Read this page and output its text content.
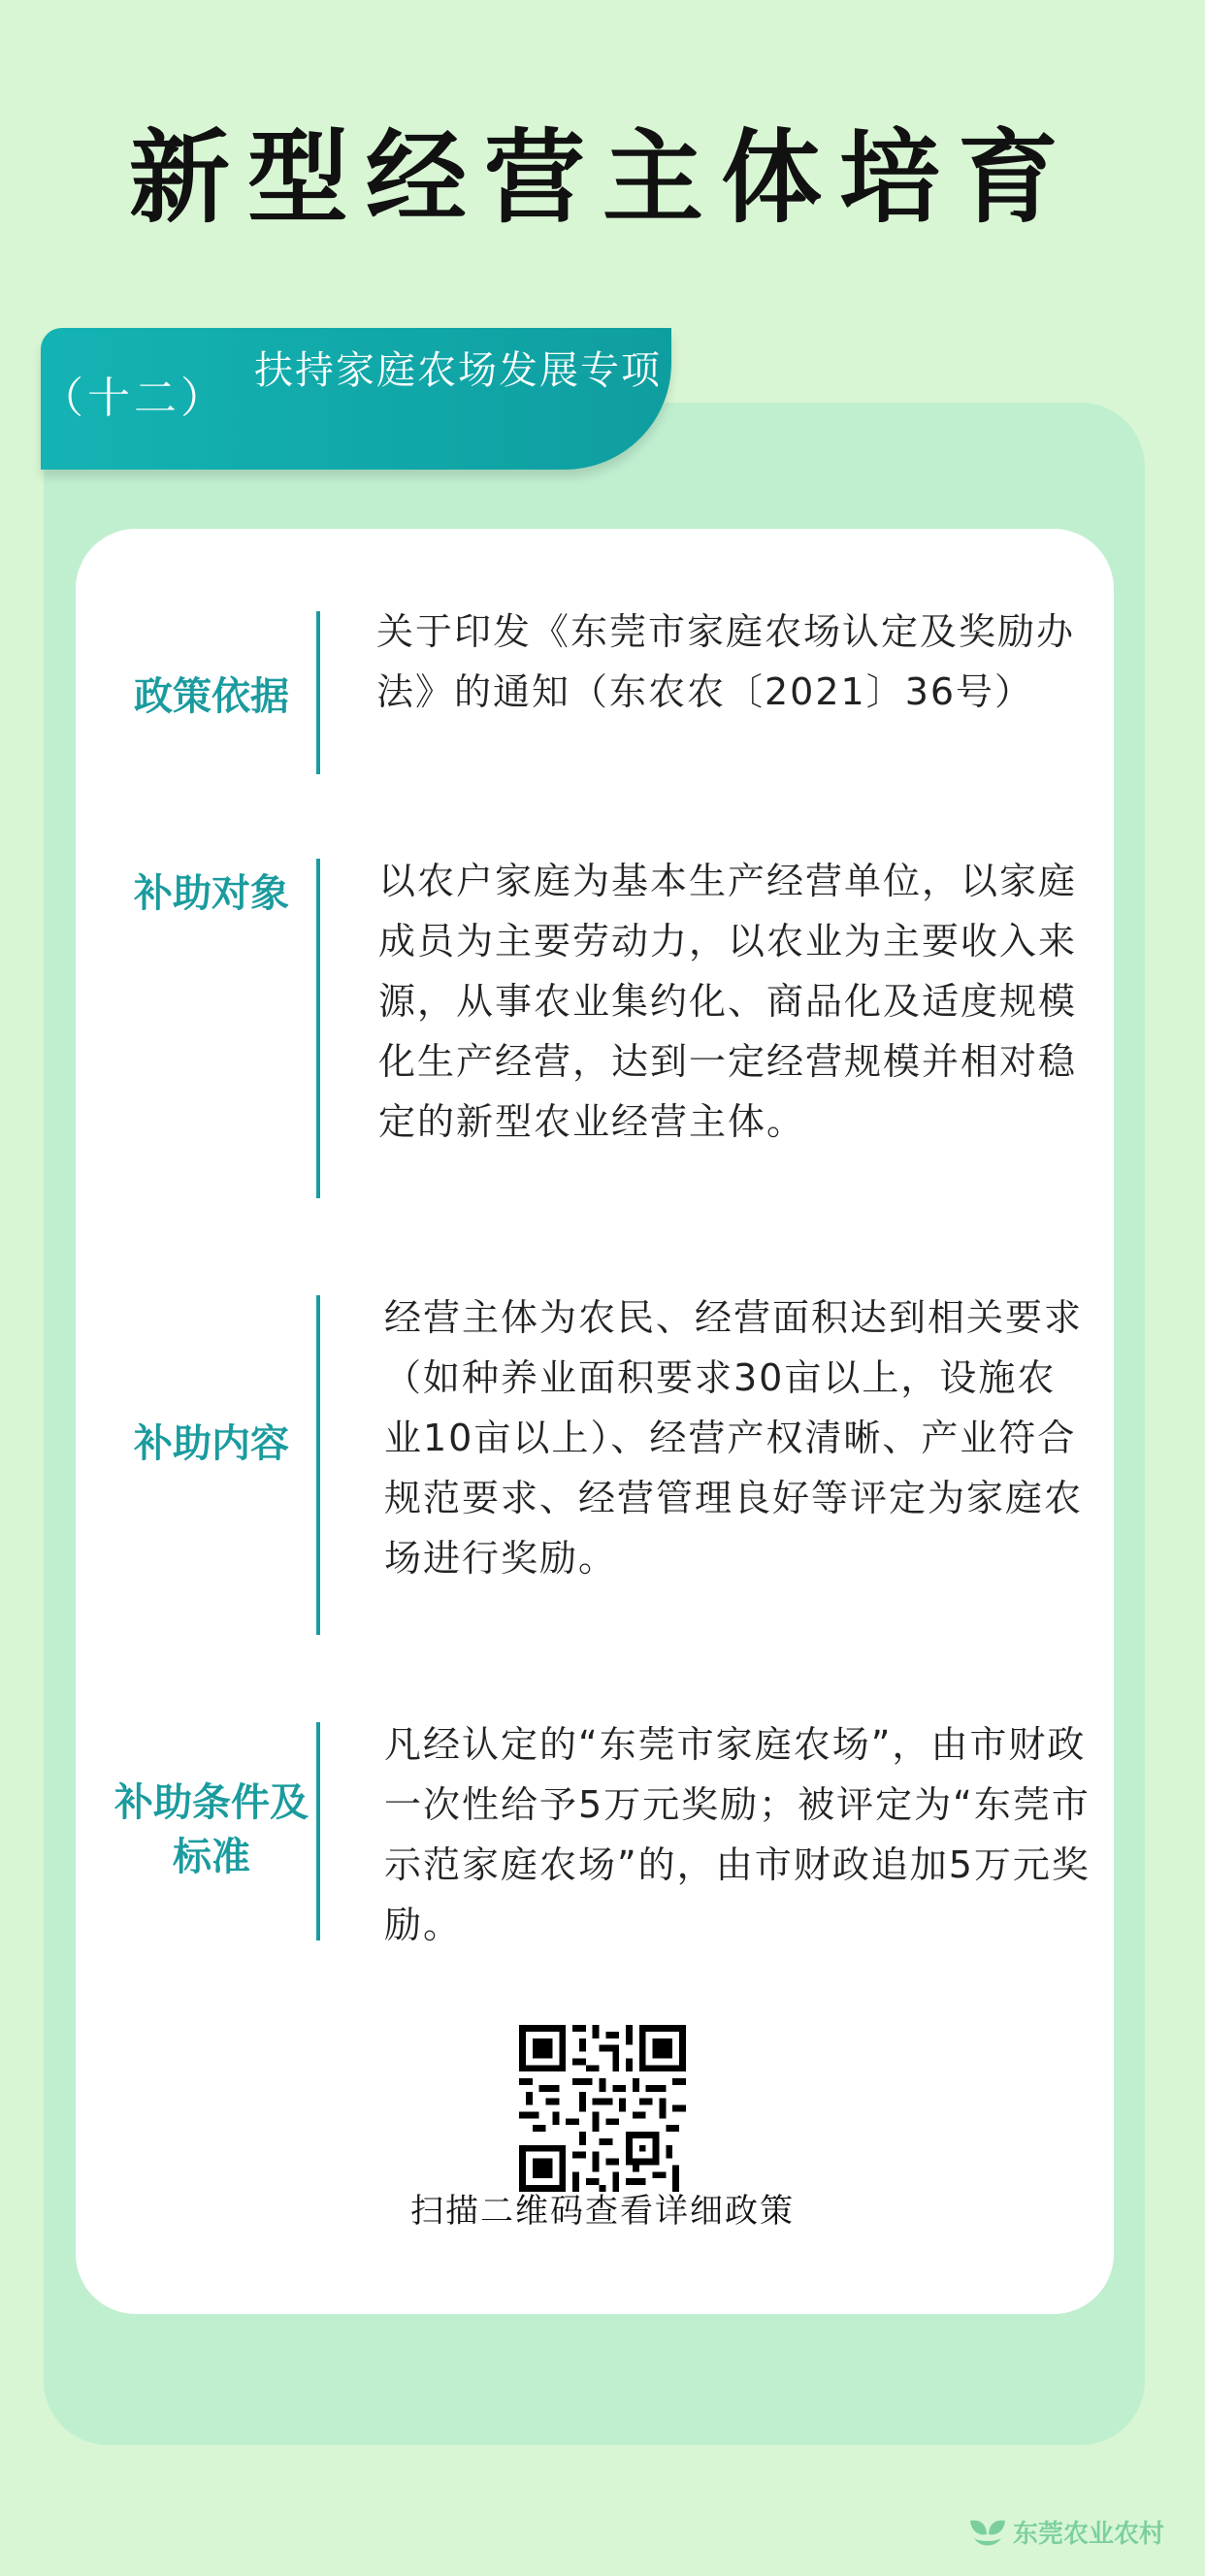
新型经营主体培育
（十二）
扶持家庭农场发展专项
政策依据
关于印发《东莞市家庭农场认定及奖励办法》的通知（东农农〔2021〕36号）
补助对象	以农户家庭为基本生产经营单位，以家庭成员为主要劳动力，以农业为主要收入来源，从事农业集约化、商品化及适度规模化生产经营，达到一定经营规模并相对稳定的新型农业经营主体。
补助内容
经营主体为农民、经营面积达到相关要求（如种养业面积要求30亩以上，设施农业10亩以上）、经营产权清晰、产业符合规范要求、经营管理良好等评定为家庭农场进行奖励。
补助条件及标准
凡经认定的“东莞市家庭农场”，由市财政一次性给予5万元奖励；被评定为“东莞市示范家庭农场”的，由市财政追加5万元奖励。
扫描二维码查看详细政策
东莞农业农村
